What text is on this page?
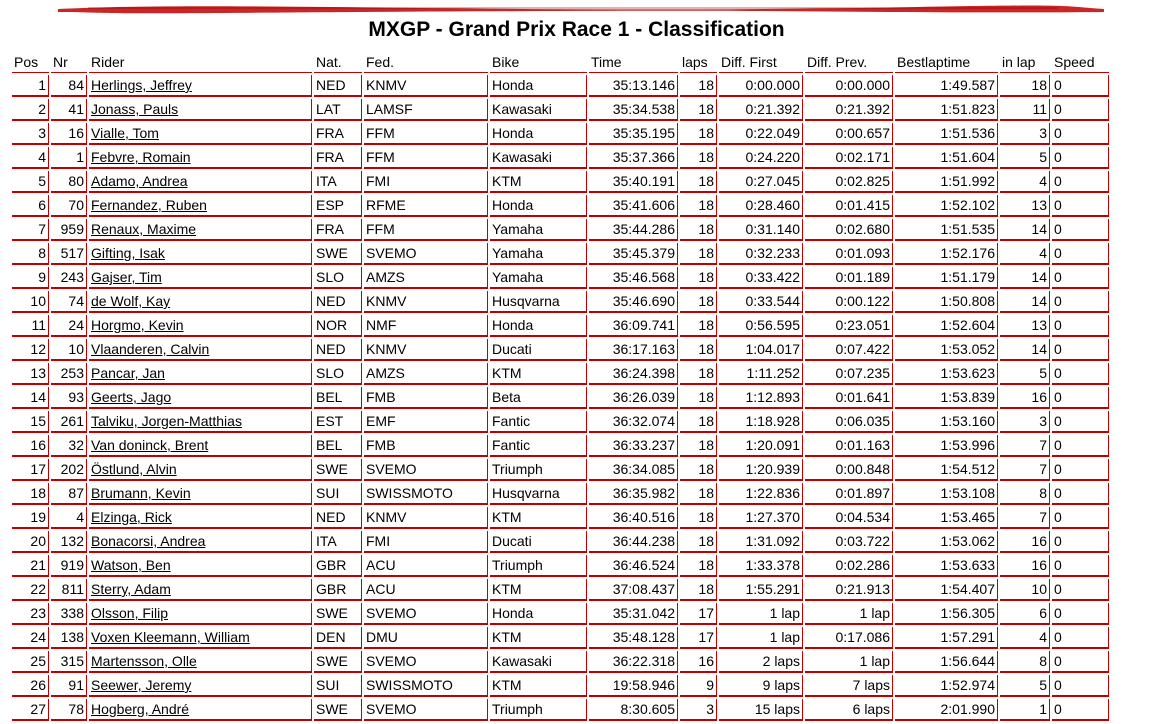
MXGP - Grand Prix Race 1 - Classification
Pos	Nr	Rider	Nat.	Fed.	Bike	Time	laps	Diff. First	Diff. Prev.	Bestlaptime	in lap	Speed
1	84	Herlings, Jeffrey	NED	KNMV	Honda	35:13.146	18	0:00.000	0:00.000	1:49.587	18	0
2	41	Jonass, Pauls	LAT	LAMSF	Kawasaki	35:34.538	18	0:21.392	0:21.392	1:51.823	11	0
3	16	Vialle, Tom	FRA	FFM	Honda	35:35.195	18	0:22.049	0:00.657	1:51.536	3	0
4	1	Febvre, Romain	FRA	FFM	Kawasaki	35:37.366	18	0:24.220	0:02.171	1:51.604	5	0
5	80	Adamo, Andrea	ITA	FMI	KTM	35:40.191	18	0:27.045	0:02.825	1:51.992	4	0
6	70	Fernandez, Ruben	ESP	RFME	Honda	35:41.606	18	0:28.460	0:01.415	1:52.102	13	0
7	959	Renaux, Maxime	FRA	FFM	Yamaha	35:44.286	18	0:31.140	0:02.680	1:51.535	14	0
8	517	Gifting, Isak	SWE	SVEMO	Yamaha	35:45.379	18	0:32.233	0:01.093	1:52.176	4	0
9	243	Gajser, Tim	SLO	AMZS	Yamaha	35:46.568	18	0:33.422	0:01.189	1:51.179	14	0
10	74	de Wolf, Kay	NED	KNMV	Husqvarna	35:46.690	18	0:33.544	0:00.122	1:50.808	14	0
11	24	Horgmo, Kevin	NOR	NMF	Honda	36:09.741	18	0:56.595	0:23.051	1:52.604	13	0
12	10	Vlaanderen, Calvin	NED	KNMV	Ducati	36:17.163	18	1:04.017	0:07.422	1:53.052	14	0
13	253	Pancar, Jan	SLO	AMZS	KTM	36:24.398	18	1:11.252	0:07.235	1:53.623	5	0
14	93	Geerts, Jago	BEL	FMB	Beta	36:26.039	18	1:12.893	0:01.641	1:53.839	16	0
15	261	Talviku, Jorgen-Matthias	EST	EMF	Fantic	36:32.074	18	1:18.928	0:06.035	1:53.160	3	0
16	32	Van doninck, Brent	BEL	FMB	Fantic	36:33.237	18	1:20.091	0:01.163	1:53.996	7	0
17	202	Östlund, Alvin	SWE	SVEMO	Triumph	36:34.085	18	1:20.939	0:00.848	1:54.512	7	0
18	87	Brumann, Kevin	SUI	SWISSMOTO	Husqvarna	36:35.982	18	1:22.836	0:01.897	1:53.108	8	0
19	4	Elzinga, Rick	NED	KNMV	KTM	36:40.516	18	1:27.370	0:04.534	1:53.465	7	0
20	132	Bonacorsi, Andrea	ITA	FMI	Ducati	36:44.238	18	1:31.092	0:03.722	1:53.062	16	0
21	919	Watson, Ben	GBR	ACU	Triumph	36:46.524	18	1:33.378	0:02.286	1:53.633	16	0
22	811	Sterry, Adam	GBR	ACU	KTM	37:08.437	18	1:55.291	0:21.913	1:54.407	10	0
23	338	Olsson, Filip	SWE	SVEMO	Honda	35:31.042	17	1 lap	1 lap	1:56.305	6	0
24	138	Voxen Kleemann, William	DEN	DMU	KTM	35:48.128	17	1 lap	0:17.086	1:57.291	4	0
25	315	Martensson, Olle	SWE	SVEMO	Kawasaki	36:22.318	16	2 laps	1 lap	1:56.644	8	0
26	91	Seewer, Jeremy	SUI	SWISSMOTO	KTM	19:58.946	9	9 laps	7 laps	1:52.974	5	0
27	78	Hogberg, André	SWE	SVEMO	Triumph	8:30.605	3	15 laps	6 laps	2:01.990	1	0
